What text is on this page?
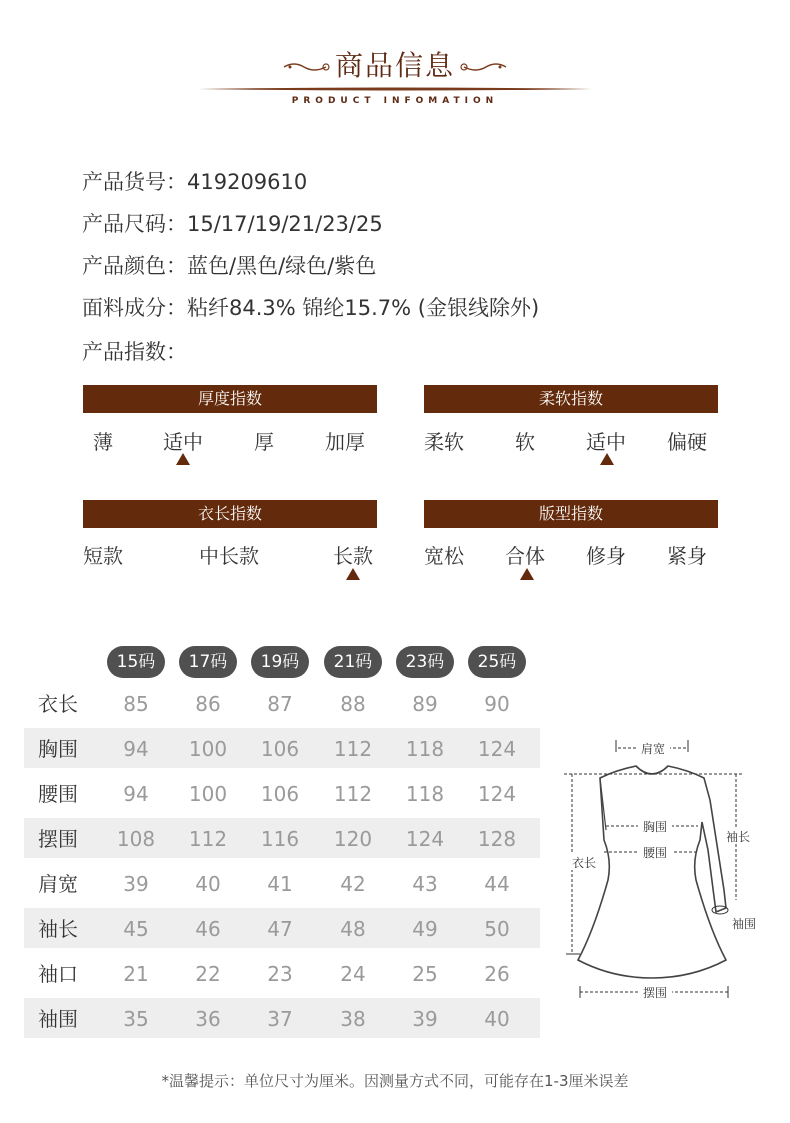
商品信息
PRODUCT INFOMATION
产品货号：419209610
产品尺码：15/17/19/21/23/25
产品颜色：蓝色/黑色/绿色/紫色
面料成分：粘纤84.3% 锦纶15.7% (金银线除外)
产品指数：
厚度指数
薄	适中	厚	加厚
柔软指数
柔软	软	适中	偏硬
衣长指数
短款	中长款	长款
版型指数
宽松	合体	修身	紧身
15码	17码	19码	21码	23码	25码
衣长	85	86	87	88	89	90
胸围	94	100	106	112	118	124
腰围	94	100	106	112	118	124
摆围	108	112	116	120	124	128
肩宽	39	40	41	42	43	44
袖长	45	46	47	48	49	50
袖口	21	22	23	24	25	26
袖围	35	36	37	38	39	40
肩宽
胸围
腰围
袖长
衣长
袖围
摆围
*温馨提示：单位尺寸为厘米。因测量方式不同，可能存在1-3厘米误差
